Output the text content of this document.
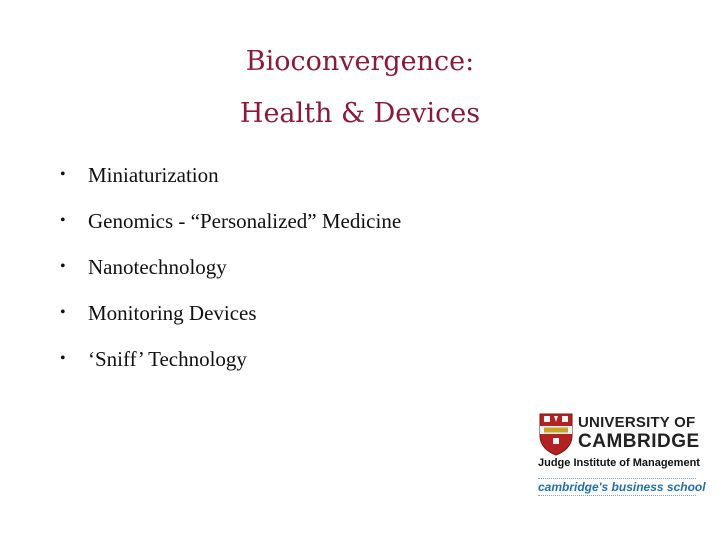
Bioconvergence:
Health & Devices
•	Miniaturization
•	Genomics - “Personalized” Medicine
•	Nanotechnology
•	Monitoring Devices
•	‘Sniff’ Technology
UNIVERSITY OF
CAMBRIDGE
Judge Institute of Management
cambridge's business school
